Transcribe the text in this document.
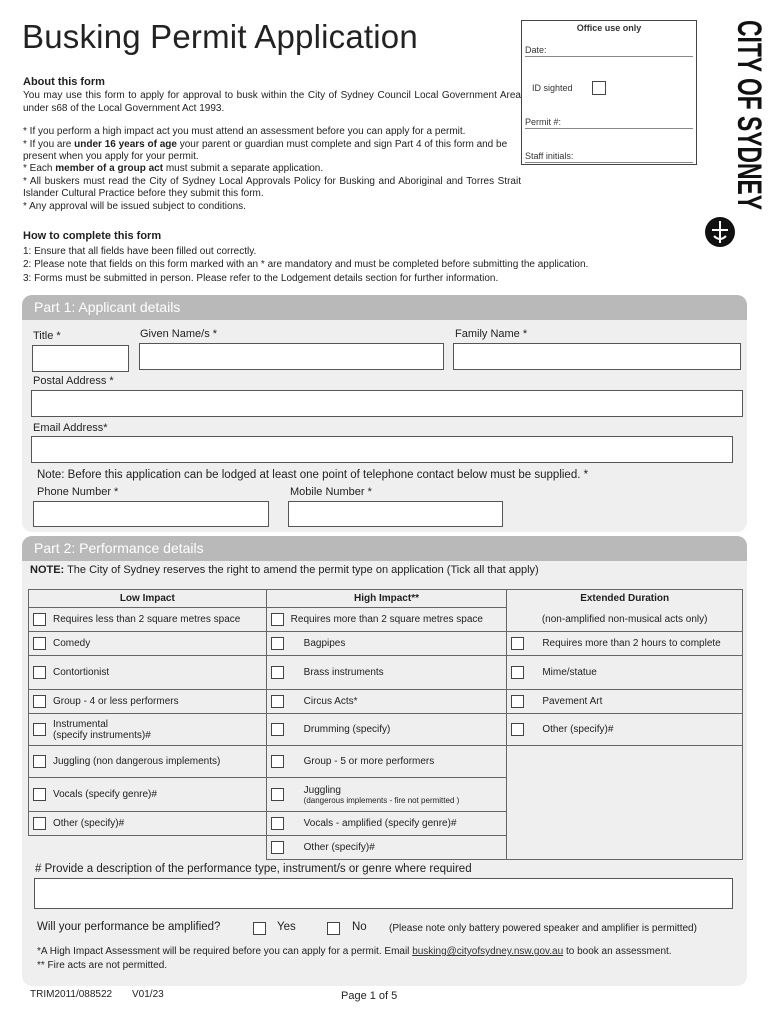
Busking Permit Application
About this form

You may use this form to apply for approval to busk within the City of Sydney Council Local Government Area under s68 of the Local Government Act 1993.

* If you perform a high impact act you must attend an assessment before you can apply for a permit.

* If you are under 16 years of age your parent or guardian must complete and sign Part 4 of this form and be present when you apply for your permit.

* Each member of a group act must submit a separate application.

* All buskers must read the City of Sydney Local Approvals Policy for Busking and Aboriginal and Torres Strait Islander Cultural Practice before they submit this form.

* Any approval will be issued subject to conditions.

How to complete this form

1: Ensure that all fields have been filled out correctly.

2: Please note that fields on this form marked with an * are mandatory and must be completed before submitting the application.

3: Forms must be submitted in person. Please refer to the Lodgement details section for further information.

Office use only
Date:
ID sighted
Permit #:
Staff initials:	CITY OF SYDNEY
Part 1: Applicant details
Title *	Given Name/s *	Family Name *
Postal Address *
Email Address*
Note: Before this application can be lodged at least one point of telephone contact below must be supplied. *
Phone Number *	Mobile Number *
Part 2: Performance details
NOTE: The City of Sydney reserves the right to amend the permit type on application (Tick all that apply)
Low Impact	High Impact**	Extended Duration

Requires less than 2 square metres space	Requires more than 2 square metres space	(non-amplified non-musical acts only)

Comedy	Bagpipes	Requires more than 2 hours to complete

Contortionist	Brass instruments	Mime/statue

Group - 4 or less performers	Circus Acts*	Pavement Art

Instrumental
(specify instruments)#	Drumming (specify)	Other (specify)#

Juggling (non dangerous implements)	Group - 5 or more performers	

Vocals (specify genre)#	Juggling
(dangerous implements - fire not permitted )	

Other (specify)#	Vocals - amplified (specify genre)#	

	Other (specify)#	
# Provide a description of the performance type, instrument/s or genre where required
Will your performance be amplified?	Yes	No (Please note only battery powered speaker and amplifier is permitted)
*A High Impact Assessment will be required before you can apply for a permit. Email busking@cityofsydney.nsw.gov.au to book an assessment.
** Fire acts are not permitted.
TRIM2011/088522 V01/23	Page 1 of 5
